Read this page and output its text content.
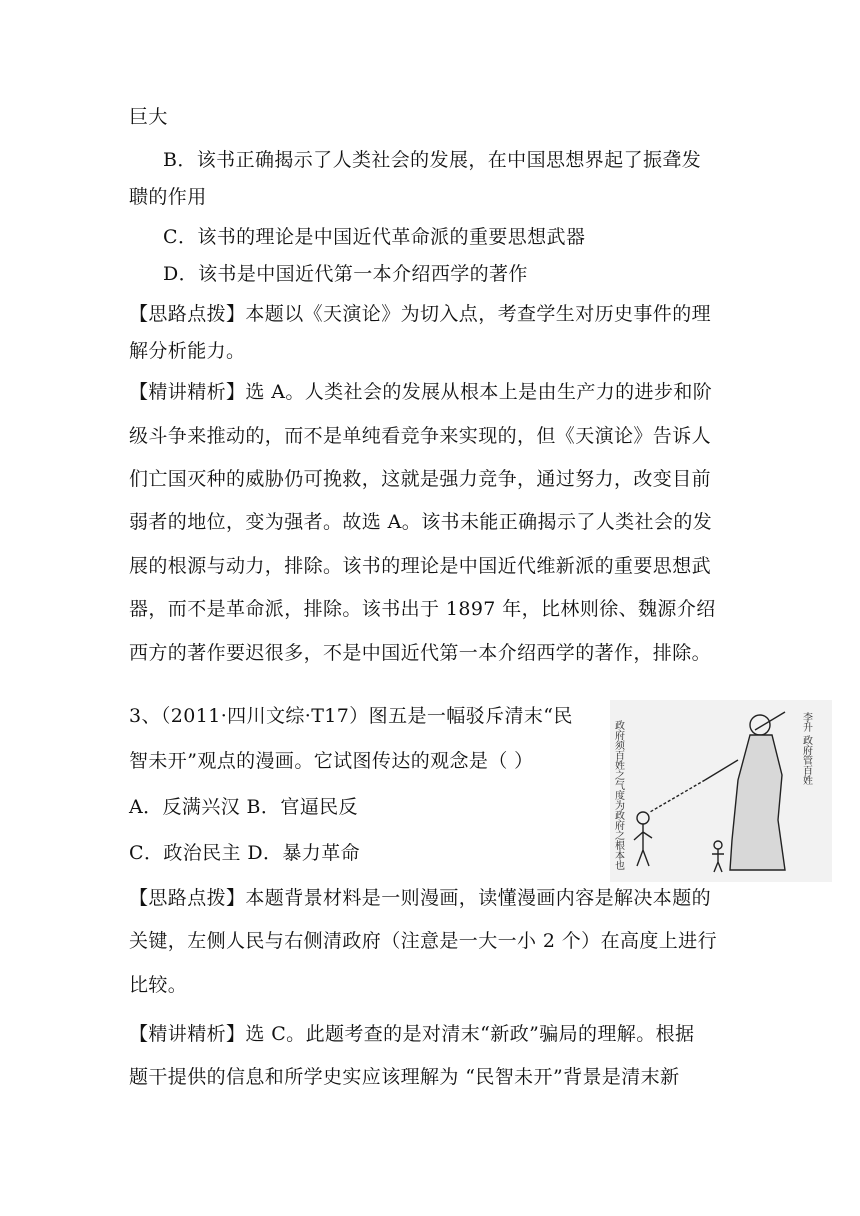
巨大
B．该书正确揭示了人类社会的发展，在中国思想界起了振聋发
聩的作用
C．该书的理论是中国近代革命派的重要思想武器
D．该书是中国近代第一本介绍西学的著作
【思路点拨】本题以《天演论》为切入点，考查学生对历史事件的理
解分析能力。
【精讲精析】选 A。人类社会的发展从根本上是由生产力的进步和阶
级斗争来推动的，而不是单纯看竞争来实现的，但《天演论》告诉人
们亡国灭种的威胁仍可挽救，这就是强力竞争，通过努力，改变目前
弱者的地位，变为强者。故选 A。该书未能正确揭示了人类社会的发
展的根源与动力，排除。该书的理论是中国近代维新派的重要思想武
器，而不是革命派，排除。该书出于 1897 年，比林则徐、魏源介绍
西方的著作要迟很多，不是中国近代第一本介绍西学的著作，排除。
3、（2011·四川文综·T17）图五是一幅驳斥清末“民
智未开”观点的漫画。它试图传达的观念是（ ）
A．反满兴汉 B．官逼民反
C．政治民主 D．暴力革命	政府须百姓之气度为政府之根本也	李升 政府管百姓
【思路点拨】本题背景材料是一则漫画，读懂漫画内容是解决本题的
关键，左侧人民与右侧清政府（注意是一大一小 2 个）在高度上进行
比较。
【精讲精析】选 C。此题考查的是对清末“新政”骗局的理解。根据
题干提供的信息和所学史实应该理解为 “民智未开”背景是清末新
